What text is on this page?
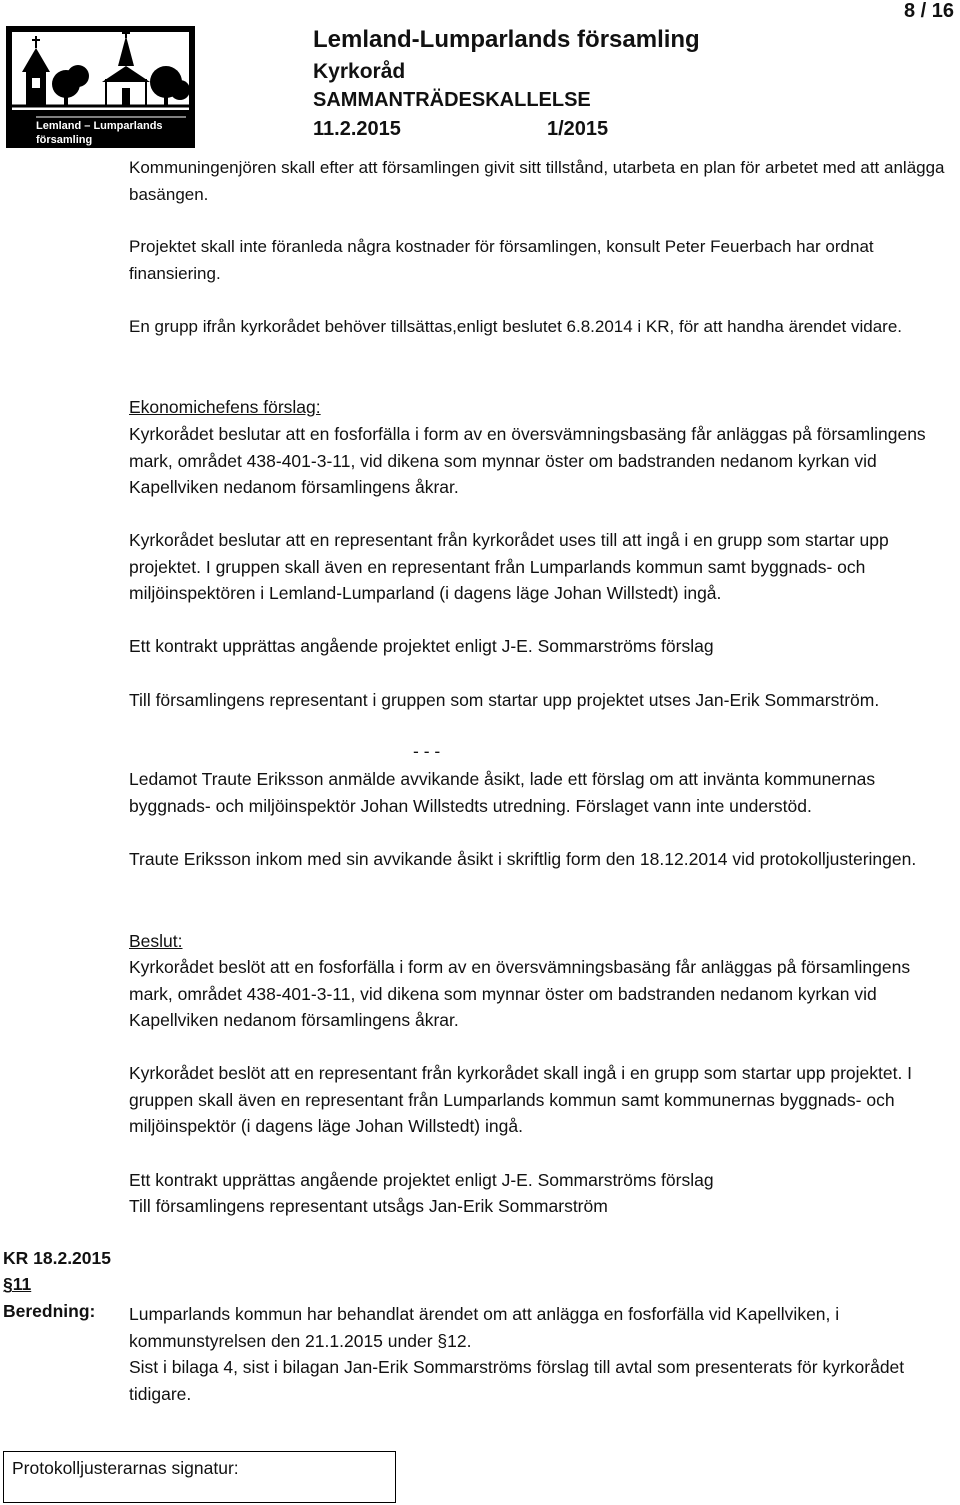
Lemland – Lumparlands
församling
Lemland-Lumparlands församling
Kyrkoråd
SAMMANTRÄDESKALLELSE
11.2.2015	1/2015
8 / 16

Kommuningenjören skall efter att församlingen givit sitt tillstånd, utarbeta en plan för arbetet med att anlägga basängen.

Projektet skall inte föranleda några kostnader för församlingen, konsult Peter Feuerbach har ordnat finansiering.

En grupp ifrån kyrkorådet behöver tillsättas,enligt beslutet 6.8.2014 i KR, för att handha ärendet vidare.

Ekonomichefens förslag:

Kyrkorådet beslutar att en fosforfälla i form av en översvämningsbasäng får anläggas på församlingens mark, området 438-401-3-11, vid dikena som mynnar öster om badstranden nedanom kyrkan vid Kapellviken nedanom församlingens åkrar.

Kyrkorådet beslutar att en representant från kyrkorådet uses till att ingå i en grupp som startar upp projektet. I gruppen skall även en representant från Lumparlands kommun samt byggnads- och miljöinspektören i Lemland-Lumparland (i dagens läge Johan Willstedt) ingå.

Ett kontrakt upprättas angående projektet enligt J-E. Sommarströms förslag

Till församlingens representant i gruppen som startar upp projektet utses Jan-Erik Sommarström.

- - -

Ledamot Traute Eriksson anmälde avvikande åsikt, lade ett förslag om att invänta kommunernas byggnads- och miljöinspektör Johan Willstedts utredning. Förslaget vann inte understöd.

Traute Eriksson inkom med sin avvikande åsikt i skriftlig form den 18.12.2014 vid protokolljusteringen.

Beslut:

Kyrkorådet beslöt att en fosforfälla i form av en översvämningsbasäng får anläggas på församlingens mark, området 438-401-3-11, vid dikena som mynnar öster om badstranden nedanom kyrkan vid Kapellviken nedanom församlingens åkrar.

Kyrkorådet beslöt att en representant från kyrkorådet skall ingå i en grupp som startar upp projektet. I gruppen skall även en representant från Lumparlands kommun samt kommunernas byggnads- och miljöinspektör (i dagens läge Johan Willstedt) ingå.

Ett kontrakt upprättas angående projektet enligt J-E. Sommarströms förslag

Till församlingens representant utsågs Jan-Erik Sommarström

KR 18.2.2015
§11
Beredning: Lumparlands kommun har behandlat ärendet om att anlägga en fosforfälla vid Kapellviken, i kommunstyrelsen den 21.1.2015 under §12.

Sist i bilaga 4, sist i bilagan Jan-Erik Sommarströms förslag till avtal som presenterats för kyrkorådet tidigare.

Protokolljusterarnas signatur:
